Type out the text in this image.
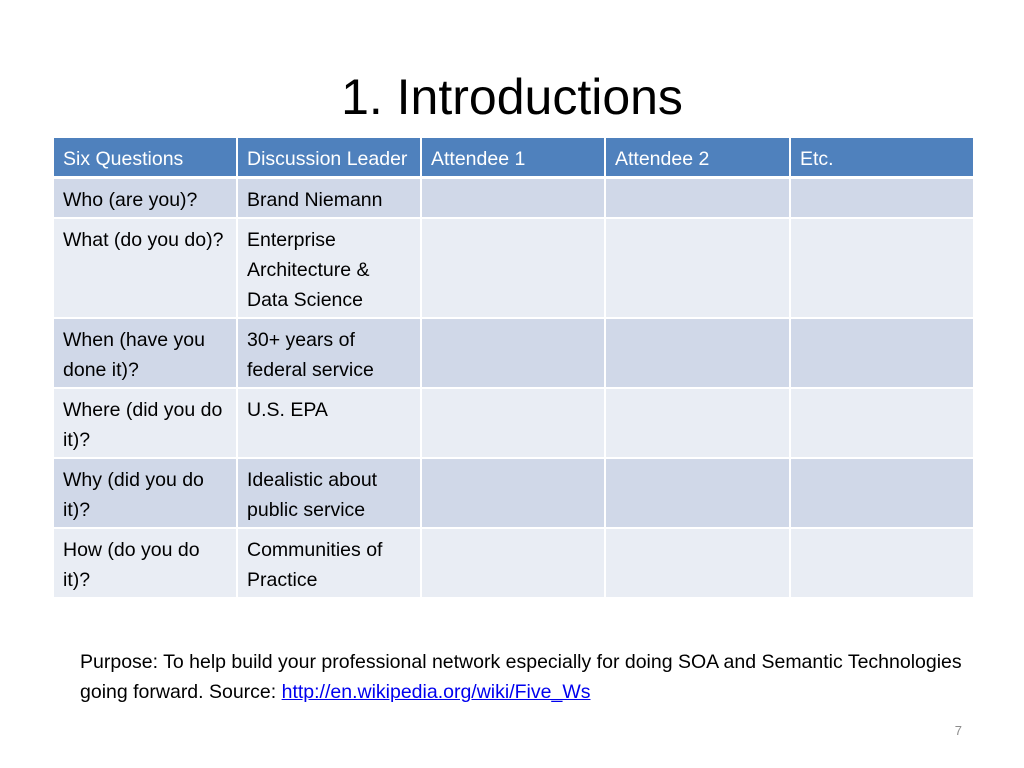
1. Introductions
Six Questions	Discussion Leader	Attendee 1	Attendee 2	Etc.
Who (are you)?	Brand Niemann			
What (do you do)?	Enterprise Architecture & Data Science			
When (have you done it)?	30+ years of federal service			
Where (did you do it)?	U.S. EPA			
Why (did you do it)?	Idealistic about public service			
How (do you do it)?	Communities of Practice			
Purpose: To help build your professional network especially for doing SOA and Semantic Technologies going forward. Source: http://en.wikipedia.org/wiki/Five_Ws
7
